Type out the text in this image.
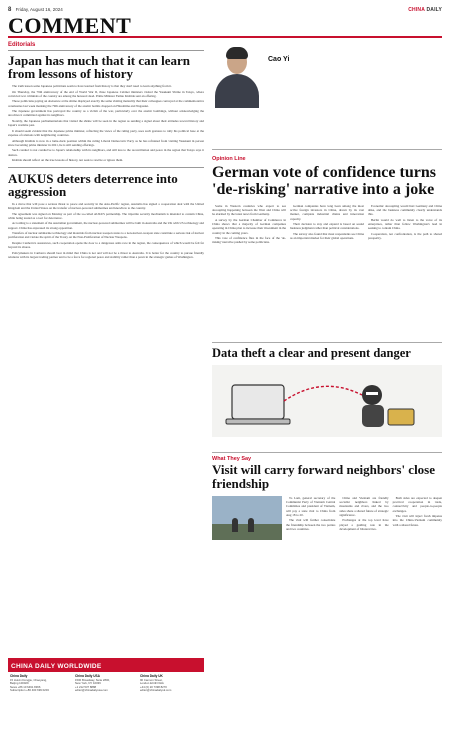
8 Friday, August 16, 2024	CHINA DAILY
COMMENT
Editorials
Japan has much that it can learn from lessons of history

The truth lesson some Japanese politicians seem to have learned from history is that they don't need to learn anything from it.

On Thursday, the 79th anniversary of the end of World War II, three Japanese Cabinet ministers visited the Yasukuni Shrine in Tokyo, where convicted war criminals of the country are among the honored dead. Prime Minister Fumio Kishida sent an offering.

Those politicians paying an obeisance at the shrine displayed exactly the same visiting mentality that their colleagues conveyed at the commemorative ceremonies last week marking the 79th anniversary of the atomic bombs dropped on Hiroshima and Nagasaki.

The Japanese government has portrayed the country as a victim of the war, particularly over the atomic bombings, without acknowledging the atrocities it committed against its neighbors.

Notably, the Japanese parliamentarians that visited the shrine will be seen in the region as sending a signal about their attitudes toward history and Japan's wartime past.

It should seem evident that the Japanese prime minister, reflecting the views of the ruling party, uses such gestures to rally his political base at the expense of relations with neighboring countries.

Although Kishida is now in a lame-duck position within the ruling Liberal Democratic Party as he has refrained from visiting Yasukuni in person since becoming prime minister in 2021, he is still sending offerings.

Such conduct is not conducive to Japan's relationship with its neighbors, and still less to the reconciliation and peace in the region that Tokyo says it desires.

Kishida should reflect on the true lessons of history, not seek to rewrite or ignore them.

AUKUS deters deterrence into aggression

In a move that will pose a serious threat to peace and security in the Asia-Pacific region, Australia has signed a cooperation deal with the United Kingdom and the United States on the transfer of nuclear-powered submarines and knowhow to the country.

The agreement was signed on Monday as part of the so-called AUKUS partnership. The tripartite security mechanism is intended to contain China, while being touted as a tool for deterrence.

According to a statement of the Australian government, the nuclear-powered submarines will be built in Australia and the UK with US technology and support. China has expressed its strong opposition.

Transfers of nuclear submarine technology and materials from nuclear-weapon states to a non-nuclear-weapon state constitute a serious risk of nuclear proliferation and violate the spirit of the Treaty on the Non-Proliferation of Nuclear Weapons.

Despite Canberra's assurances, such cooperation opens the door to a dangerous arms race in the region, the consequences of which would be felt far beyond its shores.

Policymakers in Canberra should bear in mind that China is not and will not be a threat to Australia. It is better for the country to pursue friendly relations with its largest trading partner and to be a force for regional peace and stability rather than a pawn in the strategic games of Washington.

CHINA DAILY WORLDWIDE
China Daily
15 Huixin Dongjie, Chaoyang,
Beijing 100029
News +86 10 6491 8366
Subscription +86 400 699 0203
China Daily USA
1500 Broadway, Suite 2800,
New York, NY 10036
+1 212 537 8888
editor@chinadailyusa.com
China Daily UK
90 Cannon Street,
London EC4N 6HA
+44 (0) 20 7398 8270
editor@chinadailyuk.com
Cao Yi
Opinion Line
German vote of confidence turns 'de-risking' narrative into a joke

Some in Western countries who expect to see decoupling happening between the West and China will be alarmed by the latest news from Germany.

A survey by the German Chamber of Commerce in China shows that a majority of German companies operating in China plan to increase their investment in the country in the coming years.

This vote of confidence flies in the face of the 'de-risking' narrative pushed by some politicians.

German companies have long been among the most active foreign investors in China, drawn by its vast market, complete industrial chains and innovation capacity.

Their decision to stay and expand is based on sound business judgment rather than political considerations.

The survey also found that most respondents see China as an important market for their global operations.

Economic decoupling would hurt Germany and China alike, and the business community clearly understands this.

Berlin would do well to listen to the voice of its enterprises, rather than follow Washington's lead in seeking to contain China.

Cooperation, not confrontation, is the path to shared prosperity.

Data theft a clear and present danger
What They Say
Visit will carry forward neighbors' close friendship

To Lam, general secretary of the Communist Party of Vietnam Central Committee and president of Vietnam, will pay a state visit to China from Aug 18 to 20.

The visit will further consolidate the friendship between the two parties and two countries.

China and Vietnam are friendly socialist neighbors linked by mountains and rivers, and the two sides share a shared future of strategic significance.

Exchanges at the top level have played a guiding role in the development of bilateral ties.

Both sides are expected to deepen practical cooperation in trade, connectivity and people-to-people exchanges.

The visit will inject fresh impetus into the China-Vietnam community with a shared future.
